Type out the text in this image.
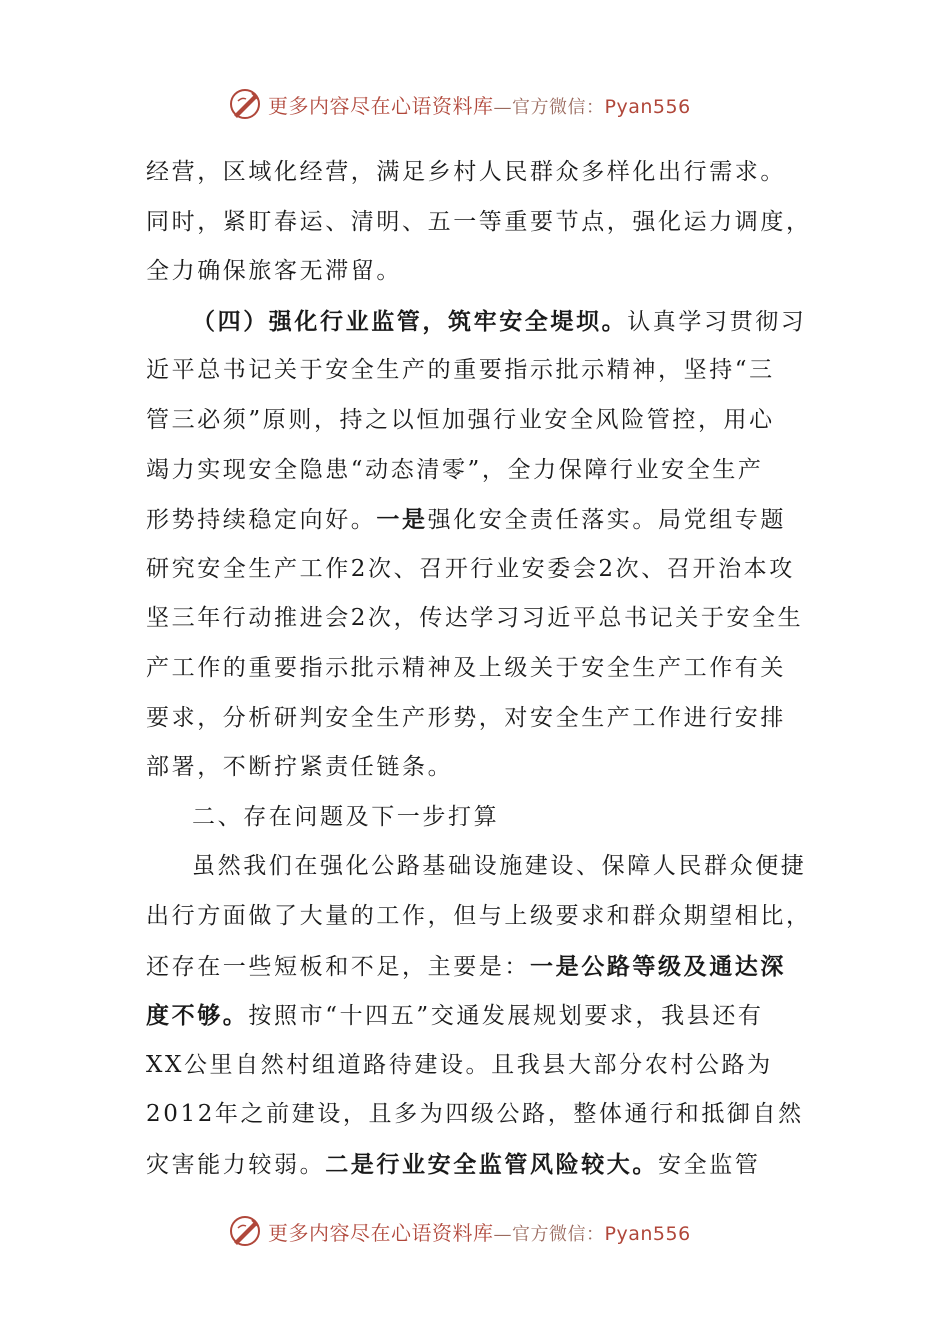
更多内容尽在心语资料库—官方微信：Pyan556
经营，区域化经营，满足乡村人民群众多样化出行需求。
同时，紧盯春运、清明、五一等重要节点，强化运力调度，
全力确保旅客无滞留。
（四）强化行业监管，筑牢安全堤坝。认真学习贯彻习
近平总书记关于安全生产的重要指示批示精神，坚持“三
管三必须”原则，持之以恒加强行业安全风险管控，用心
竭力实现安全隐患“动态清零”，全力保障行业安全生产
形势持续稳定向好。一是强化安全责任落实。局党组专题
研究安全生产工作2次、召开行业安委会2次、召开治本攻
坚三年行动推进会2次，传达学习习近平总书记关于安全生
产工作的重要指示批示精神及上级关于安全生产工作有关
要求，分析研判安全生产形势，对安全生产工作进行安排
部署，不断拧紧责任链条。
二、存在问题及下一步打算
虽然我们在强化公路基础设施建设、保障人民群众便捷
出行方面做了大量的工作，但与上级要求和群众期望相比，
还存在一些短板和不足，主要是：一是公路等级及通达深
度不够。按照市“十四五”交通发展规划要求，我县还有
XX公里自然村组道路待建设。且我县大部分农村公路为
2012年之前建设，且多为四级公路，整体通行和抵御自然
灾害能力较弱。二是行业安全监管风险较大。安全监管
更多内容尽在心语资料库—官方微信：Pyan556
